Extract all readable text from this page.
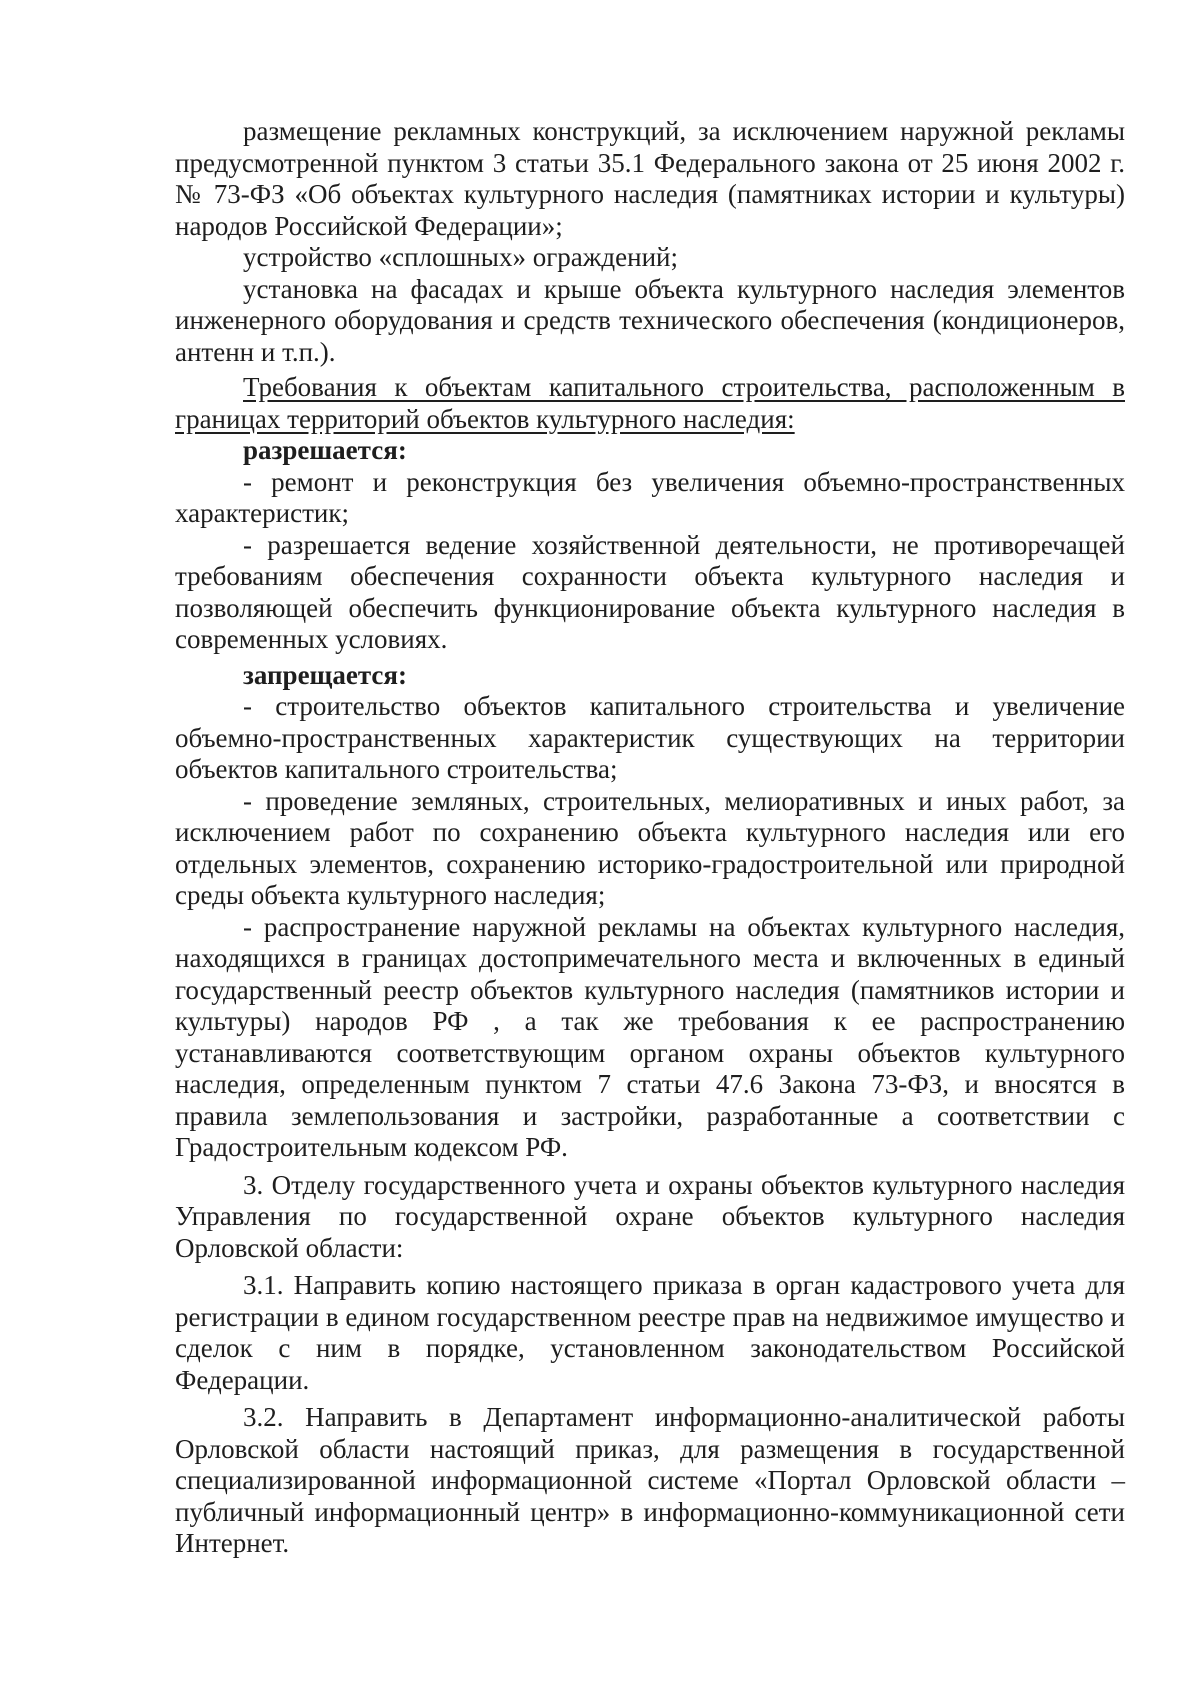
размещение рекламных конструкций, за исключением наружной рекламы предусмотренной пунктом 3 статьи 35.1 Федерального закона от 25 июня 2002 г. № 73-ФЗ «Об объектах культурного наследия (памятниках истории и культуры) народов Российской Федерации»;

устройство «сплошных» ограждений;

установка на фасадах и крыше объекта культурного наследия элементов инженерного оборудования и средств технического обеспечения (кондиционеров, антенн и т.п.).

Требования к объектам капитального строительства, расположенным в границах территорий объектов культурного наследия:

разрешается:

- ремонт и реконструкция без увеличения объемно-пространственных характеристик;

- разрешается ведение хозяйственной деятельности, не противоречащей требованиям обеспечения сохранности объекта культурного наследия и позволяющей обеспечить функционирование объекта культурного наследия в современных условиях.

запрещается:

- строительство объектов капитального строительства и увеличение объемно-пространственных характеристик существующих на территории объектов капитального строительства;

- проведение земляных, строительных, мелиоративных и иных работ, за исключением работ по сохранению объекта культурного наследия или его отдельных элементов, сохранению историко-градостроительной или природной среды объекта культурного наследия;

- распространение наружной рекламы на объектах культурного наследия, находящихся в границах достопримечательного места и включенных в единый государственный реестр объектов культурного наследия (памятников истории и культуры) народов РФ , а так же требования к ее распространению устанавливаются соответствующим органом охраны объектов культурного наследия, определенным пунктом 7 статьи 47.6 Закона 73-ФЗ, и вносятся в правила землепользования и застройки, разработанные а соответствии с Градостроительным кодексом РФ.

3. Отделу государственного учета и охраны объектов культурного наследия Управления по государственной охране объектов культурного наследия Орловской области:

3.1. Направить копию настоящего приказа в орган кадастрового учета для регистрации в едином государственном реестре прав на недвижимое имущество и сделок с ним в порядке, установленном законодательством Российской Федерации.

3.2. Направить в Департамент информационно-аналитической работы Орловской области настоящий приказ, для размещения в государственной специализированной информационной системе «Портал Орловской области – публичный информационный центр» в информационно-коммуникационной сети Интернет.
